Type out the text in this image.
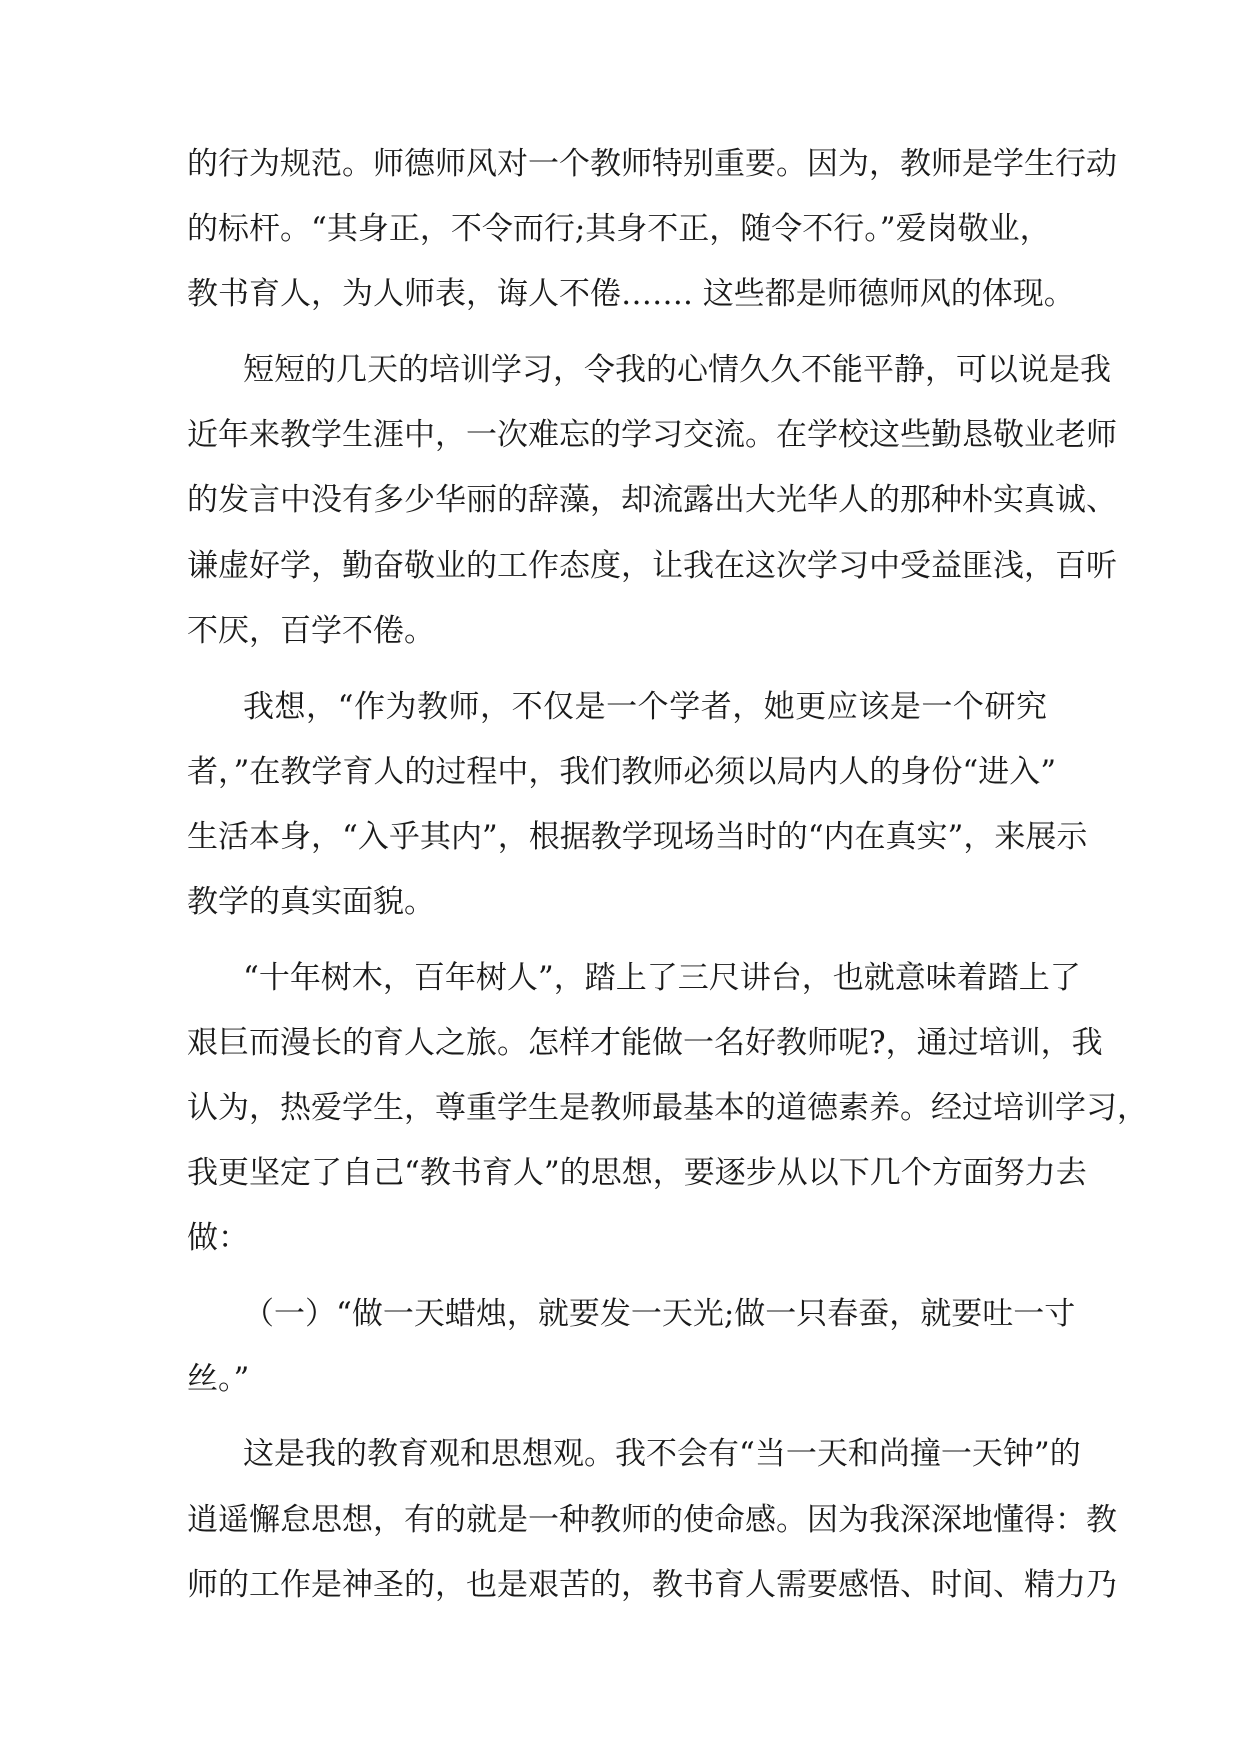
的行为规范。师德师风对一个教师特别重要。因为，教师是学生行动
的标杆。“其身正，不令而行;其身不正，随令不行。”爱岗敬业，
教书育人，为人师表，诲人不倦……. 这些都是师德师风的体现。
短短的几天的培训学习，令我的心情久久不能平静，可以说是我
近年来教学生涯中，一次难忘的学习交流。在学校这些勤恳敬业老师
的发言中没有多少华丽的辞藻，却流露出大光华人的那种朴实真诚、
谦虚好学，勤奋敬业的工作态度，让我在这次学习中受益匪浅，百听
不厌，百学不倦。
我想，“作为教师，不仅是一个学者，她更应该是一个研究
者，”在教学育人的过程中，我们教师必须以局内人的身份“进入”
生活本身，“入乎其内”，根据教学现场当时的“内在真实”，来展示
教学的真实面貌。
“十年树木，百年树人”，踏上了三尺讲台，也就意味着踏上了
艰巨而漫长的育人之旅。怎样才能做一名好教师呢?，通过培训，我
认为，热爱学生，尊重学生是教师最基本的道德素养。经过培训学习，
我更坚定了自己“教书育人”的思想，要逐步从以下几个方面努力去
做：
（一）“做一天蜡烛，就要发一天光;做一只春蚕，就要吐一寸
丝。”
这是我的教育观和思想观。我不会有“当一天和尚撞一天钟”的
逍遥懈怠思想，有的就是一种教师的使命感。因为我深深地懂得：教
师的工作是神圣的，也是艰苦的，教书育人需要感悟、时间、精力乃
